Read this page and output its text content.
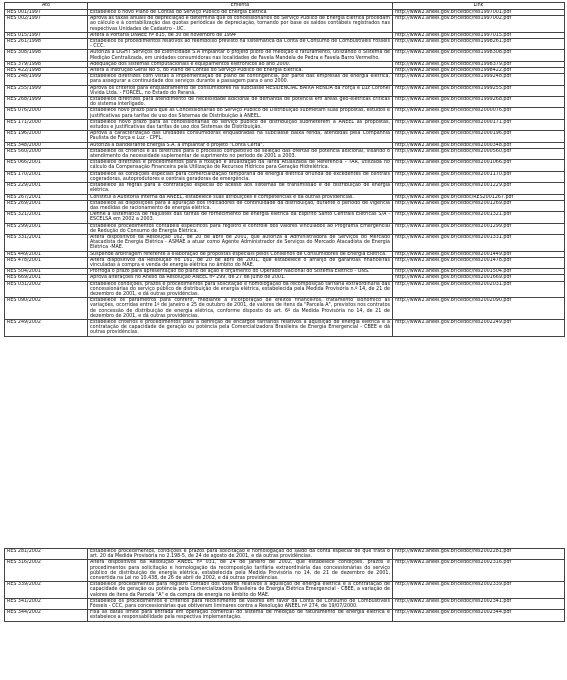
Ato	Ementa	Link
RES 001/1997	Estabelece o novo Plano de Contas do Serviço Público de Energia Elétrica	http://www2.aneel.gov.br/cedoc/res1997001.pdf
RES 002/1997	Aprova as taxas anuais de depreciação e determina que os concessionários do Serviço Público de Energia Elétrica procedam ao cálculo e à contabilização das quotas periódicas de depreciação, tomando por base os saldos contábeis registrados nas respectivas Unidades de Cadastro - UC.	http://www2.aneel.gov.br/cedoc/res1997002.pdf
RES 015/1997	Altera a Portaria DNAEE nº 815, de 30 de novembro de 1994	http://www2.aneel.gov.br/cedoc/res1997015.pdf
RES 261/1998	Estabelece os procedimentos relativos ao reembolso previsto na sistemática da Conta de Consumo de Combustíveis Fósseis - CCC.	http://www2.aneel.gov.br/cedoc/res1998261.pdf
RES 308/1998	Autoriza a LIGHT Serviços de Eletricidade S.A implantar o projeto piloto de medição e faturamento, utilizando o Sistema de Medição Centralizada, em unidades consumidoras nas localidades de Favela Mandela de Pedra e Favela Barro Vermelho.	http://www2.aneel.gov.br/cedoc/res1998308.pdf
RES 379/1998	Adequação dos sistemas computacionais e equipamentos eletrônicos ao ano 2000.	http://www2.aneel.gov.br/cedoc/res1998379.pdf
RES 422/1998	Altera a Instrução Geral No 5, do Plano de Contas do Serviço Público de Energia Elétrica.	http://www2.aneel.gov.br/cedoc/res1998422.pdf
RES 248/1999	Estabelece diretrizes com vistas à implementação de plano de contingência, por parte das empresas de energia elétrica, para assegurar a continuidade dos serviços durante a passagem para o ano 2000.	http://www2.aneel.gov.br/cedoc/res1999248.pdf
RES 255/1999	Aprova os critérios para enquadramento de consumidores na subclasse RESIDENCIAL BAIXA RENDA da Força e Luz Coronel Vivida Ltda. - FORCEL, no Estado do Paraná.	http://www2.aneel.gov.br/cedoc/res1999255.pdf
RES 268/1999	Estabelece diretrizes para atendimento de necessidade adicional de demanda de potência em áreas geo-elétricas críticas do sistema interligado.	http://www2.aneel.gov.br/cedoc/res1999268.pdf
RES 076/2000	Estabelece novo prazo para que as Concessionárias do Serviço Público de Distribuição submetam suas propostas, estudos e justificativas para tarifas de uso dos Sistemas de Distribuição à ANEEL.	http://www2.aneel.gov.br/cedoc/res2000076.pdf
RES 171/2000	Estabelece novo prazo para as concessionárias do serviço público de distribuição submeterem à ANEEL as propostas, estudos e justificativas das tarifas de uso dos Sistemas de Distribuição.	http://www2.aneel.gov.br/cedoc/res2000171.pdf
RES 196/2000	Aprova a caracterização das unidades consumidoras enquadradas na subclasse baixa renda, atendidas pela Companhia Paulista de Força e Luz - CPFL.	http://www2.aneel.gov.br/cedoc/res2000196.pdf
RES 348/2000	Autoriza a Bandeirante Energia S.A. a implantar o projeto "Conta Certa".	http://www2.aneel.gov.br/cedoc/res2000348.pdf
RES 560/2000	Estabelece os critérios e as diretrizes para o processo competitivo de seleção das ofertas de potência adicional, visando o atendimento da necessidade suplementar de suprimento no período de 2001 a 2003.	http://www2.aneel.gov.br/cedoc/res2000560.pdf
RES 066/2001	Estabelece diretrizes e procedimentos para a fixação e atualização da Tarifa Atualizada de Referência - TAR, utilizada no cálculo da Compensação Financeira pela Utilização de Recursos Hídricos para Geração Hidrelétrica.	http://www2.aneel.gov.br/cedoc/res2001066.pdf
RES 170/2001	Estabelece as condições especiais para comercialização temporária de energia elétrica oriunda de excedentes de centrais cogeradoras, autoprodutores e centrais geradoras de emergência.	http://www2.aneel.gov.br/cedoc/res2001170.pdf
RES 229/2001	Estabelece as regras para a contratação especial do acesso aos sistemas de transmissão e de distribuição de energia elétrica.	http://www2.aneel.gov.br/cedoc/res2001229.pdf
RES 267/2001	Constitui a Auditoria Interna da ANEEL, estabelece suas atribuições e competências e dá outras providências.	http://www2.aneel.gov.br/cedoc/RES2001267.pdf
RES 269/2001	Estabelece as disposições para a apuração dos indicadores de continuidade da distribuição, durante o período de vigência das medidas de racionamento de energia elétrica.	http://www2.aneel.gov.br/cedoc/res2001269.pdf
RES 321/2001	Define a sistemática de reajustes das tarifas de fornecimento de energia elétrica da Espírito Santo Centrais Elétricas S/A - ESCELSA em 2002 a 2003.	http://www2.aneel.gov.br/cedoc/res2001321.pdf
RES 299/2001	Estabelece procedimentos contábeis específicos para registro e controle dos valores vinculados ao Programa Emergencial de Redução do Consumo de Energia Elétrica.	http://www2.aneel.gov.br/cedoc/res2001299.pdf
RES 331/2001	Altera dispositivos da Resolução 162, de 20 de abril de 2001, que autoriza a Administradora de Serviços do Mercado Atacadista de Energia Elétrica - ASMAE a atuar como Agente Administrador de Serviços do Mercado Atacadista de Energia Elétrica -MAE.	http://www2.aneel.gov.br/cedoc/res2001331.pdf
RES 449/2001	Suspende arbitragem referente a elaboração de propostas especiais pelos Conselhos de Consumidores de Energia Elétrica.	http://www2.aneel.gov.br/cedoc/res2001449.pdf
RES 478/2001	Altera dispositivos da Resolução no 161, de 20 de abril de 2001, que estabelece o arranjo de garantias financeiras vinculadas à compra e venda de energia elétrica no âmbito do MAE.	http://www2.aneel.gov.br/cedoc/res2001478.pdf
RES 504/2001	Prorroga o prazo para apresentação do plano de ação e orçamento do Operador Nacional do Sistema Elétrico - ONS.	http://www2.aneel.gov.br/cedoc/res2001504.pdf
RES 669/2001	Aprova alterações no Anexo da Resolução ANEEL nº 299, de 27 de julho de 2001.	http://www2.aneel.gov.br/cedoc/res2001669.pdf
RES 031/2002	Estabelece condições, prazos e procedimentos para solicitação e homologação da recomposição tarifária extraordinária das concessionárias do serviço público de distribuição de energia elétrica, estabelecida pela Medida Provisória n.º 14, de 21 de dezembro de 2001, e dá outras providências.	http://www2.aneel.gov.br/cedoc/res2002031.pdf
RES 090/2002	Estabelece os parâmetros para conferir, mediante a incorporação de efeitos financeiros, tratamento isonômico às variações, ocorridas entre 1º de janeiro e 25 de outubro de 2001, de valores de itens da "Parcela A", previstos nos contratos de concessão de distribuição de energia elétrica, conforme disposto do art. 6º da Medida Provisória no 14, de 21 de dezembro de 2001, e dá outras providências.	http://www2.aneel.gov.br/cedoc/res2002090.pdf
RES 249/2002	Estabelece critérios e procedimentos para a definição de encargos tarifários relativos à aquisição de energia elétrica e à contratação de capacidade de geração ou potência pela Comercializadora Brasileira de Energia Emergencial - CBEE e dá outras providências.	http://www2.aneel.gov.br/cedoc/res2002249.pdf
RES 281/2002	Estabelece procedimentos, condições e prazos para solicitação e homologação do saldo da conta especial de que trata o art. 20 da Medida Provisória no 2.198-5, de 24 de agosto de 2001, e dá outras providências.	http://www2.aneel.gov.br/cedoc/res2002281.pdf
RES 316/2002	Altera dispositivos da Resolução ANEEL nº 031, de 24 de janeiro de 2002, que estabelece condições, prazos e procedimentos para solicitação e homologação da recomposição tarifária extraordinária das concessionárias do serviço público de distribuição de energia elétrica, estabelecida pela Medida Provisória no 14, de 21 de dezembro de 2001, convertida na Lei no 10.438, de 26 de abril de 2002, e dá outras providências.	http://www2.aneel.gov.br/cedoc/res2002316.pdf
RES 339/2002	Estabelece procedimentos para registro contábil dos valores relativos à aquisição de energia elétrica e à contratação de capacidade de geração ou potência pela Comercializadora Brasileira de Energia Elétrica Emergencial - CBEE, a variação de valores de itens da Parcela "A" e da compra de energia no âmbito do MAE.	http://www2.aneel.gov.br/cedoc/res2002339.pdf
RES 341/2002	Estabelece os procedimentos e critérios para recolhimento de valores em favor da Conta de Consumo de Combustíveis Fósseis - CCC, para concessionárias que obtiveram liminares contra a Resolução ANEEL nº 274, de 19/07/2000.	http://www2.aneel.gov.br/cedoc/res2002341.pdf
RES 344/2002	Fixa as datas limite para entrada em operação comercial do sistema de medição de faturamento de energia elétrica e estabelece a responsabilidade pela respectiva implementação.	http://www2.aneel.gov.br/cedoc/res2002344.pdf
